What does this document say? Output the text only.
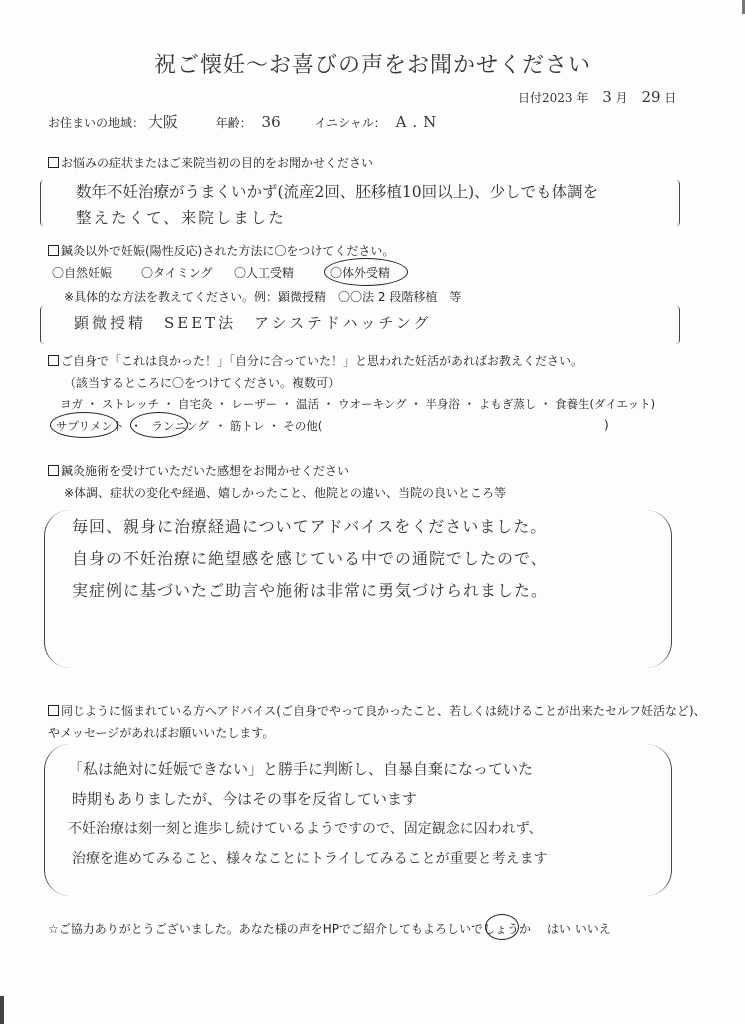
祝ご懐妊～お喜びの声をお聞かせください
日付2023 年 3 月 29 日
お住まいの地域： 大阪	年齢： 36	イニシャル： A.N
お悩みの症状またはご来院当初の目的をお聞かせください
数年不妊治療がうまくいかず(流産2回、胚移植10回以上)、少しでも体調を
整えたくて、来院しました
鍼灸以外で妊娠(陽性反応)された方法に〇をつけてください。
〇自然妊娠 〇タイミング 〇人工受精	〇体外受精
※具体的な方法を教えてください。例：顕微授精　〇〇法 2 段階移植　等
顕微授精　SEET法　アシステドハッチング
ご自身で「これは良かった！」「自分に合っていた！」と思われた妊活があればお教えください。
（該当するところに〇をつけてください。複数可）
ヨガ ・ ストレッチ ・ 自宅灸 ・ レーザー ・ 温活 ・ ウオーキング ・ 半身浴 ・ よもぎ蒸し ・ 食養生(ダイエット)
サプリメント ・ ランニング ・ 筋トレ ・ その他(	)
鍼灸施術を受けていただいた感想をお聞かせください
※体調、症状の変化や経過、嬉しかったこと、他院との違い、当院の良いところ等
毎回、親身に治療経過についてアドバイスをくださいました。
自身の不妊治療に絶望感を感じている中での通院でしたので、
実症例に基づいたご助言や施術は非常に勇気づけられました。
同じように悩まれている方へアドバイス(ご自身でやって良かったこと、若しくは続けることが出来たセルフ妊活など)、
やメッセージがあればお願いいたします。
「私は絶対に妊娠できない」と勝手に判断し、自暴自棄になっていた
時期もありましたが、今はその事を反省しています
不妊治療は刻一刻と進歩し続けているようですので、固定観念に囚われず、
治療を進めてみること、様々なことにトライしてみることが重要と考えます
☆ご協力ありがとうございました。あなた様の声をHPでご紹介してもよろしいでしょうか はい いいえ
